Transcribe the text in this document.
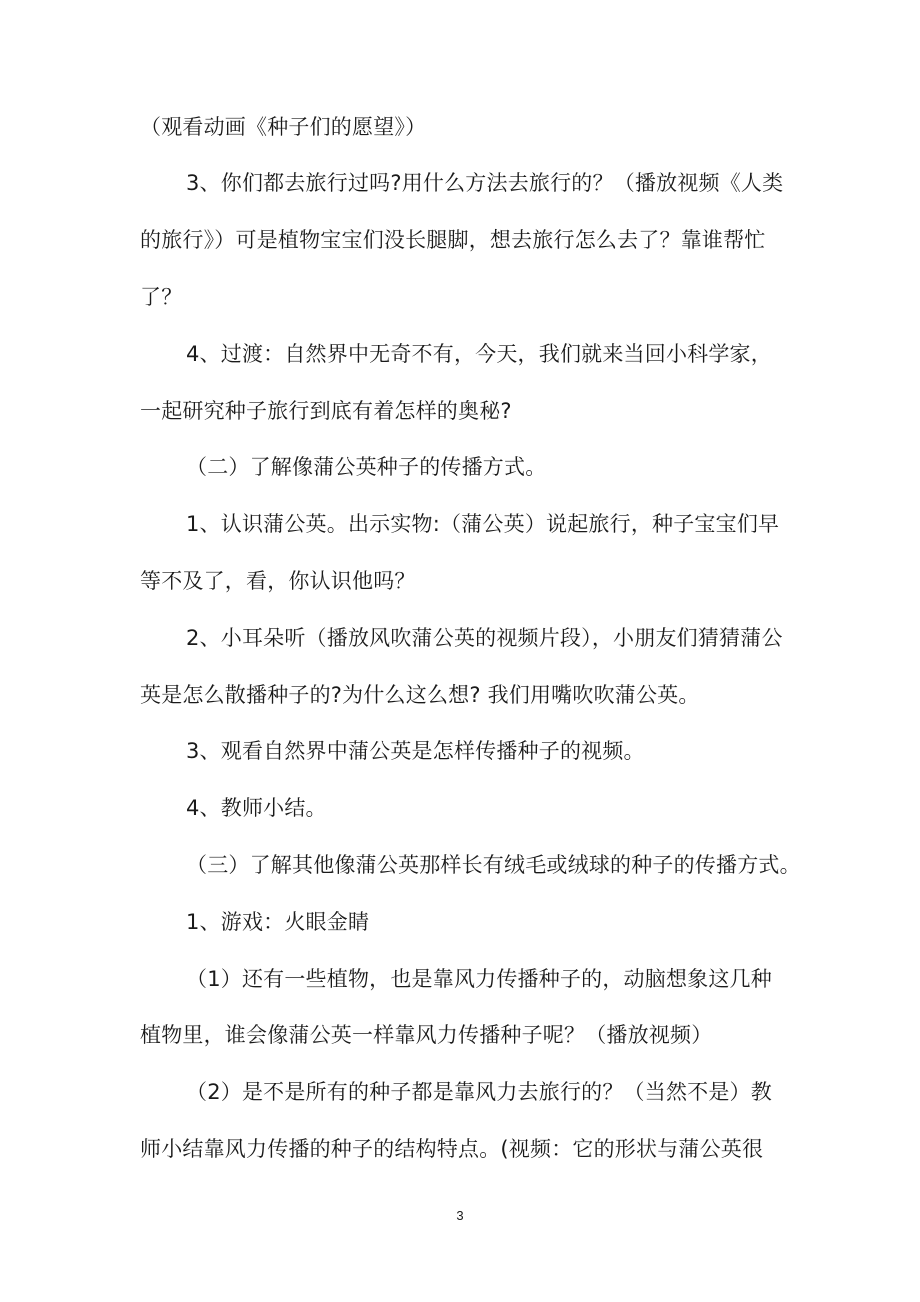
（观看动画《种子们的愿望》）
3、你们都去旅行过吗?用什么方法去旅行的？（播放视频《人类
的旅行》）可是植物宝宝们没长腿脚，想去旅行怎么去了？靠谁帮忙
了？
4、过渡：自然界中无奇不有，今天，我们就来当回小科学家，
一起研究种子旅行到底有着怎样的奥秘?
（二）了解像蒲公英种子的传播方式。
1、认识蒲公英。出示实物:（蒲公英）说起旅行，种子宝宝们早
等不及了，看，你认识他吗？
2、小耳朵听（播放风吹蒲公英的视频片段），小朋友们猜猜蒲公
英是怎么散播种子的?为什么这么想? 我们用嘴吹吹蒲公英。
3、观看自然界中蒲公英是怎样传播种子的视频。
4、教师小结。
（三）了解其他像蒲公英那样长有绒毛或绒球的种子的传播方式。
1、游戏：火眼金睛
（1）还有一些植物，也是靠风力传播种子的，动脑想象这几种
植物里，谁会像蒲公英一样靠风力传播种子呢？（播放视频）
（2）是不是所有的种子都是靠风力去旅行的？（当然不是）教
师小结靠风力传播的种子的结构特点。(视频：它的形状与蒲公英很
3
